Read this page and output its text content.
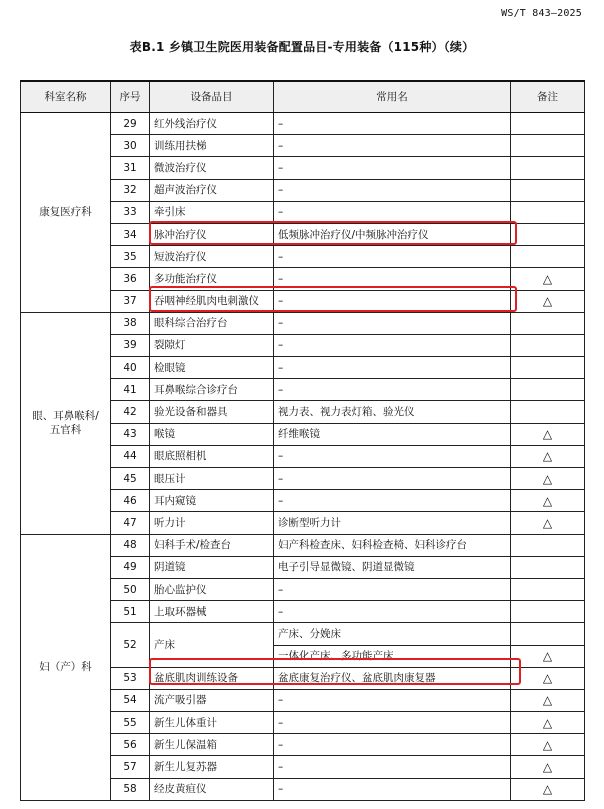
WS/T 843—2025
表B.1 乡镇卫生院医用装备配置品目-专用装备（115种）（续）
科室名称	序号	设备品目	常用名	备注
康复医疗科	29	红外线治疗仪	–	
	30	训练用扶梯	–	
	31	微波治疗仪	–	
	32	超声波治疗仪	–	
	33	牵引床	–	
	34	脉冲治疗仪	低频脉冲治疗仪/中频脉冲治疗仪	
	35	短波治疗仪	–	
	36	多功能治疗仪	–	△
	37	吞咽神经肌肉电刺激仪	–	△
眼、耳鼻喉科/
五官科	38	眼科综合治疗台	–	
	39	裂隙灯	–	
	40	检眼镜	–	
	41	耳鼻喉综合诊疗台	–	
	42	验光设备和器具	视力表、视力表灯箱、验光仪	
	43	喉镜	纤维喉镜	△
	44	眼底照相机	–	△
	45	眼压计	–	△
	46	耳内窥镜	–	△
	47	听力计	诊断型听力计	△
妇（产）科	48	妇科手术/检查台	妇产科检查床、妇科检查椅、妇科诊疗台	
	49	阴道镜	电子引导显微镜、阴道显微镜	
	50	胎心监护仪	–	
	51	上取环器械	–	
	52	产床	产床、分娩床	
			一体化产床、多功能产床	△
	53	盆底肌肉训练设备	盆底康复治疗仪、盆底肌肉康复器	△
	54	流产吸引器	–	△
	55	新生儿体重计	–	△
	56	新生儿保温箱	–	△
	57	新生儿复苏器	–	△
	58	经皮黄疸仪	–	△
